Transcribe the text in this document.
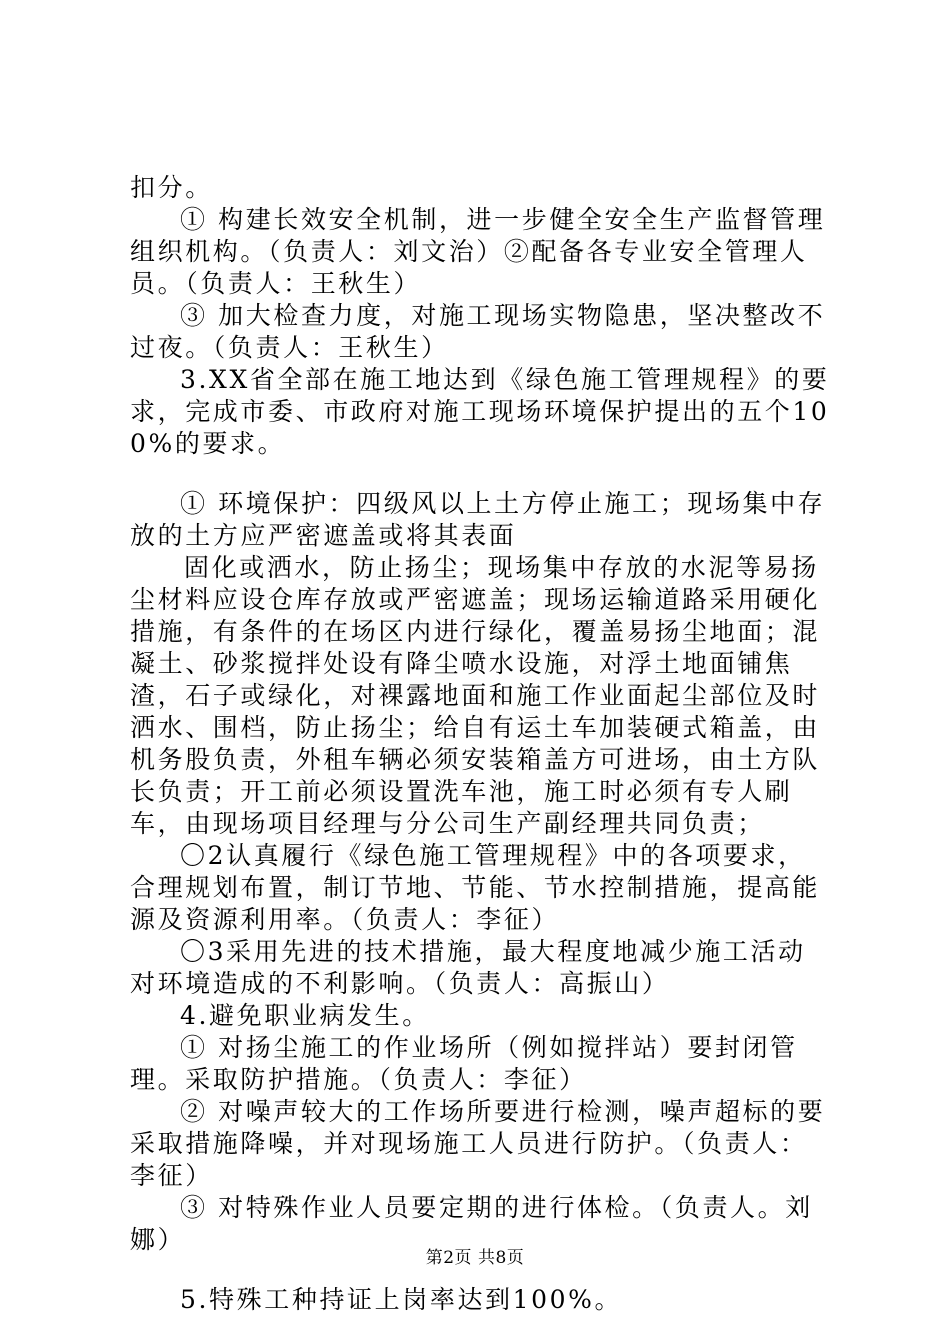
扣分。

① 构建长效安全机制，进一步健全安全生产监督管理组织机构。（负责人：刘文治）②配备各专业安全管理人员。（负责人：王秋生）

③ 加大检查力度，对施工现场实物隐患，坚决整改不过夜。（负责人：王秋生）

3.XX省全部在施工地达到《绿色施工管理规程》的要求，完成市委、市政府对施工现场环境保护提出的五个100%的要求。

① 环境保护：四级风以上土方停止施工；现场集中存放的土方应严密遮盖或将其表面

固化或洒水，防止扬尘；现场集中存放的水泥等易扬尘材料应设仓库存放或严密遮盖；现场运输道路采用硬化措施，有条件的在场区内进行绿化，覆盖易扬尘地面；混凝土、砂浆搅拌处设有降尘喷水设施，对浮土地面铺焦渣，石子或绿化，对裸露地面和施工作业面起尘部位及时洒水、围档，防止扬尘；给自有运土车加装硬式箱盖，由机务股负责，外租车辆必须安装箱盖方可进场，由土方队长负责；开工前必须设置洗车池，施工时必须有专人刷车，由现场项目经理与分公司生产副经理共同负责；

〇2认真履行《绿色施工管理规程》中的各项要求，合理规划布置，制订节地、节能、节水控制措施，提高能源及资源利用率。（负责人：李征）

〇3采用先进的技术措施，最大程度地减少施工活动对环境造成的不利影响。（负责人：高振山）

4.避免职业病发生。

① 对扬尘施工的作业场所（例如搅拌站）要封闭管理。采取防护措施。（负责人：李征）

② 对噪声较大的工作场所要进行检测，噪声超标的要采取措施降噪，并对现场施工人员进行防护。（负责人：李征）

③ 对特殊作业人员要定期的进行体检。（负责人。刘娜）

5.特殊工种持证上岗率达到100%。

第2页 共8页
